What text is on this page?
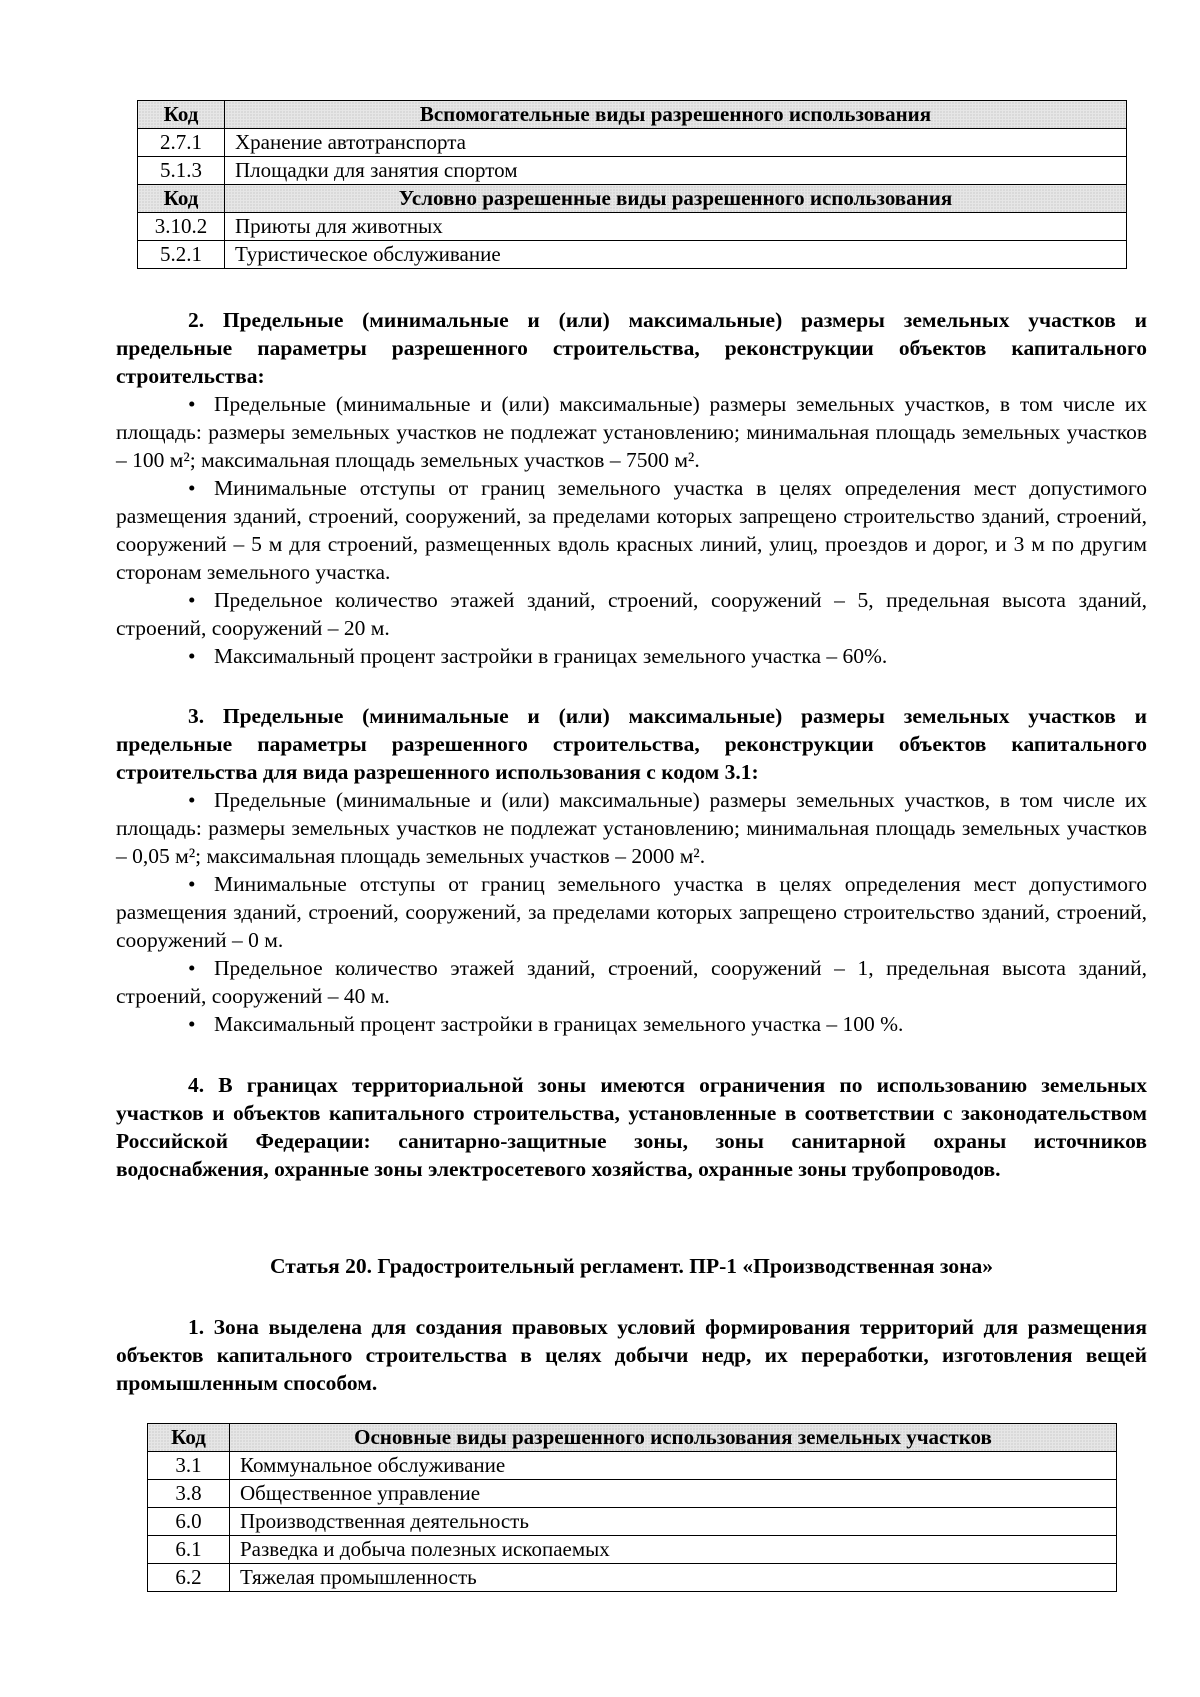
Код	Вспомогательные виды разрешенного использования
2.7.1	Хранение автотранспорта
5.1.3	Площадки для занятия спортом
Код	Условно разрешенные виды разрешенного использования
3.10.2	Приюты для животных
5.2.1	Туристическое обслуживание

2. Предельные (минимальные и (или) максимальные) размеры земельных участков и предельные параметры разрешенного строительства, реконструкции объектов капитального строительства:

• Предельные (минимальные и (или) максимальные) размеры земельных участков, в том числе их площадь: размеры земельных участков не подлежат установлению; минимальная площадь земельных участков – 100 м²; максимальная площадь земельных участков – 7500 м².

• Минимальные отступы от границ земельного участка в целях определения мест допустимого размещения зданий, строений, сооружений, за пределами которых запрещено строительство зданий, строений, сооружений – 5 м для строений, размещенных вдоль красных линий, улиц, проездов и дорог, и 3 м по другим сторонам земельного участка.

• Предельное количество этажей зданий, строений, сооружений – 5, предельная высота зданий, строений, сооружений – 20 м.

• Максимальный процент застройки в границах земельного участка – 60%.

3. Предельные (минимальные и (или) максимальные) размеры земельных участков и предельные параметры разрешенного строительства, реконструкции объектов капитального строительства для вида разрешенного использования с кодом 3.1:

• Предельные (минимальные и (или) максимальные) размеры земельных участков, в том числе их площадь: размеры земельных участков не подлежат установлению; минимальная площадь земельных участков – 0,05 м²; максимальная площадь земельных участков – 2000 м².

• Минимальные отступы от границ земельного участка в целях определения мест допустимого размещения зданий, строений, сооружений, за пределами которых запрещено строительство зданий, строений, сооружений – 0 м.

• Предельное количество этажей зданий, строений, сооружений – 1, предельная высота зданий, строений, сооружений – 40 м.

• Максимальный процент застройки в границах земельного участка – 100 %.

4. В границах территориальной зоны имеются ограничения по использованию земельных участков и объектов капитального строительства, установленные в соответствии с законодательством Российской Федерации: санитарно-защитные зоны, зоны санитарной охраны источников водоснабжения, охранные зоны электросетевого хозяйства, охранные зоны трубопроводов.

Статья 20. Градостроительный регламент. ПР-1 «Производственная зона»

1. Зона выделена для создания правовых условий формирования территорий для размещения объектов капитального строительства в целях добычи недр, их переработки, изготовления вещей промышленным способом.

Код	Основные виды разрешенного использования земельных участков
3.1	Коммунальное обслуживание
3.8	Общественное управление
6.0	Производственная деятельность
6.1	Разведка и добыча полезных ископаемых
6.2	Тяжелая промышленность
